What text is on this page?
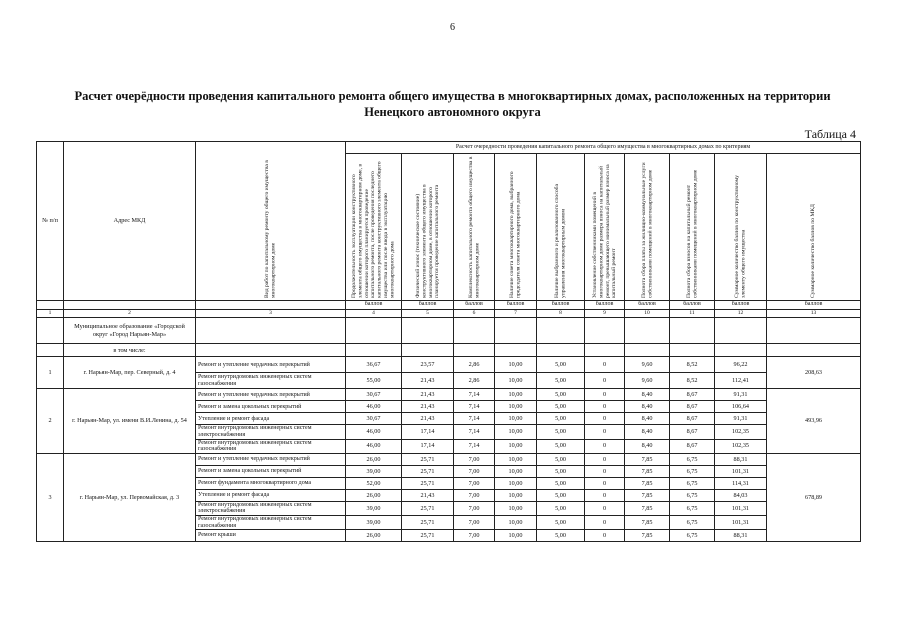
6
Расчет очерёдности проведения капитального ремонта общего имущества в многоквартирных домах, расположенных на территории
Ненецкого автономного округа
Таблица 4
№ п/п	Адрес МКД	Вид работ по капитальному ремонту общего имущества в многоквартирном доме	Расчет очередности проведения капитального ремонта общего имущества в многоквартирных домах по критериям									

			Продолжительность эксплуатации конструктивного элемента общего имущества в многоквартирном доме, в отношении которого планируется проведение капитального ремонта, после проведения последнего капитального ремонта конструктивного элемента общего имущества или после ввода в эксплуатацию многоквартирного дома	Физический износ (техническое состояние) конструктивного элемента общего имущества в многоквартирном доме, в отношении которого планируется проведение капитального ремонта	Комплексность капитального ремонта общего имущества в многоквартирном доме	Наличие совета многоквартирного дома, выбранного председателя совета многоквартирного дома	Наличие выбранного и реализованного способа управления многоквартирным домом	Установление собственниками помещений в многоквартирном доме размера взноса на капитальный ремонт, превышающего минимальный размер взноса на капитальный ремонт	Полнота сбора платы за жилищно-коммунальные услуги собственниками помещений в многоквартирном доме	Полнота сбора взносов на капитальный ремонт собственниками помещений в многоквартирном доме	Суммарное количество баллов по конструктивному элементу общего имущества	Суммарное количество баллов по МКД

			баллов	баллов	баллов	баллов	баллов	баллов	баллов	баллов	баллов	баллов
1	2	3	4	5	6	7	8	9	10	11	12	13
	Муниципальное образование «Городской округ «Город Нарьян-Мар»											
	в том числе:											
1	г. Нарьян-Мар, пер. Северный, д. 4	Ремонт и утепление чердачных перекрытий	36,67	23,57	2,86	10,00	5,00	0	9,60	8,52	96,22	208,63
		Ремонт внутридомовых инженерных систем газоснабжения	55,00	21,43	2,86	10,00	5,00	0	9,60	8,52	112,41	
2	г. Нарьян-Мар, ул. имени В.И.Ленина, д. 54	Ремонт и утепление чердачных перекрытий	30,67	21,43	7,14	10,00	5,00	0	8,40	8,67	91,31	493,96
		Ремонт и замена цокольных перекрытий	46,00	21,43	7,14	10,00	5,00	0	8,40	8,67	106,64	
		Утепление и ремонт фасада	30,67	21,43	7,14	10,00	5,00	0	8,40	8,67	91,31	
		Ремонт внутридомовых инженерных систем электроснабжения	46,00	17,14	7,14	10,00	5,00	0	8,40	8,67	102,35	
		Ремонт внутридомовых инженерных систем газоснабжения	46,00	17,14	7,14	10,00	5,00	0	8,40	8,67	102,35	
3	г. Нарьян-Мар, ул. Первомайская, д. 3	Ремонт и утепление чердачных перекрытий	26,00	25,71	7,00	10,00	5,00	0	7,85	6,75	88,31	678,89
		Ремонт и замена цокольных перекрытий	39,00	25,71	7,00	10,00	5,00	0	7,85	6,75	101,31	
		Ремонт фундамента многоквартирного дома	52,00	25,71	7,00	10,00	5,00	0	7,85	6,75	114,31	
		Утепление и ремонт фасада	26,00	21,43	7,00	10,00	5,00	0	7,85	6,75	84,03	
		Ремонт внутридомовых инженерных систем электроснабжения	39,00	25,71	7,00	10,00	5,00	0	7,85	6,75	101,31	
		Ремонт внутридомовых инженерных систем газоснабжения	39,00	25,71	7,00	10,00	5,00	0	7,85	6,75	101,31	
		Ремонт крыши	26,00	25,71	7,00	10,00	5,00	0	7,85	6,75	88,31	
